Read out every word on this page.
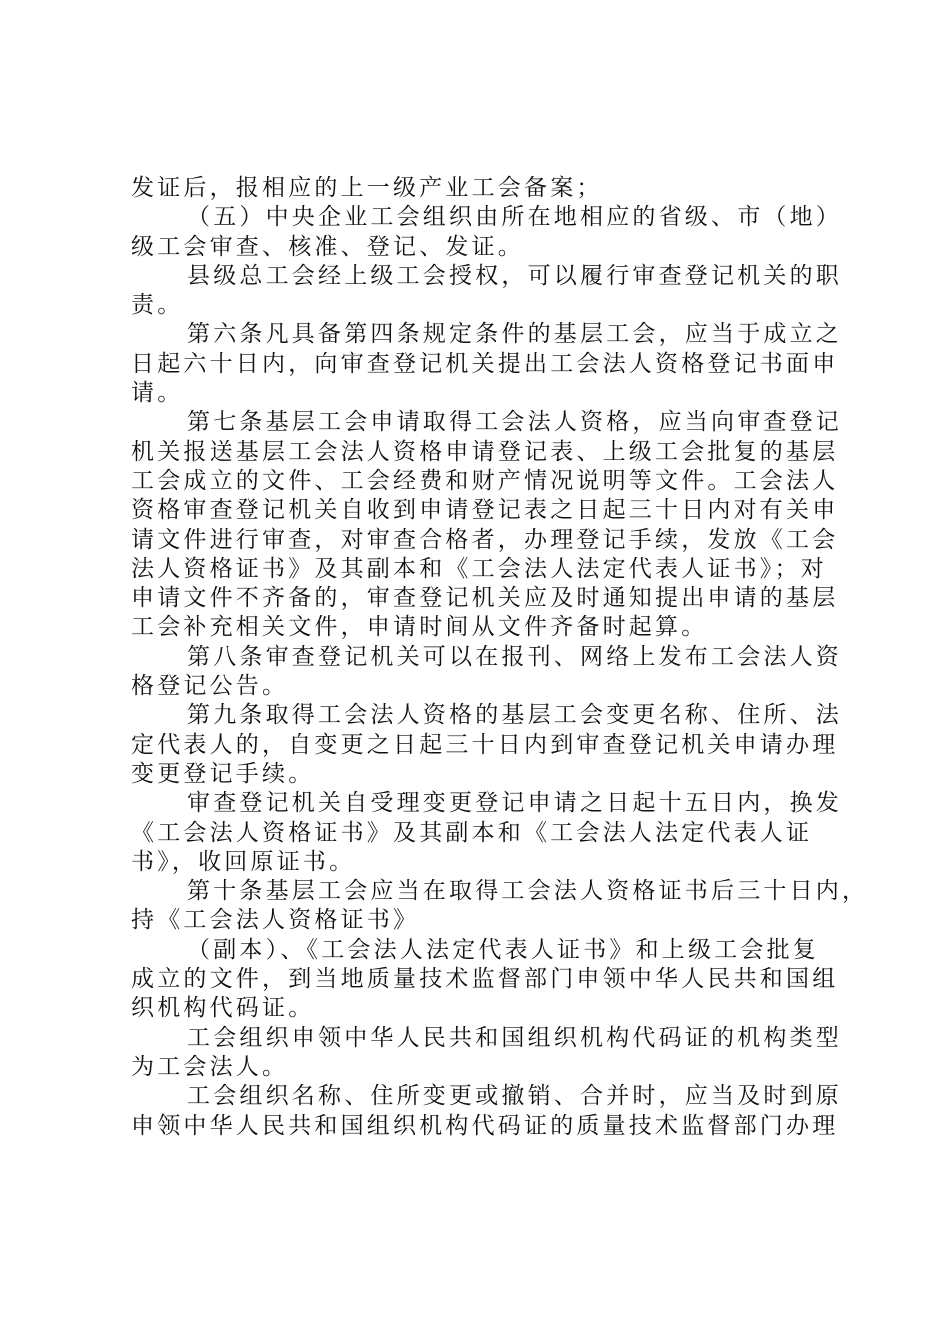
发证后，报相应的上一级产业工会备案；
（五）中央企业工会组织由所在地相应的省级、市（地）
级工会审查、核准、登记、发证。
县级总工会经上级工会授权，可以履行审查登记机关的职
责。
第六条凡具备第四条规定条件的基层工会，应当于成立之
日起六十日内，向审查登记机关提出工会法人资格登记书面申
请。
第七条基层工会申请取得工会法人资格，应当向审查登记
机关报送基层工会法人资格申请登记表、上级工会批复的基层
工会成立的文件、工会经费和财产情况说明等文件。工会法人
资格审查登记机关自收到申请登记表之日起三十日内对有关申
请文件进行审查，对审查合格者，办理登记手续，发放《工会
法人资格证书》及其副本和《工会法人法定代表人证书》；对
申请文件不齐备的，审查登记机关应及时通知提出申请的基层
工会补充相关文件，申请时间从文件齐备时起算。
第八条审查登记机关可以在报刊、网络上发布工会法人资
格登记公告。
第九条取得工会法人资格的基层工会变更名称、住所、法
定代表人的，自变更之日起三十日内到审查登记机关申请办理
变更登记手续。
审查登记机关自受理变更登记申请之日起十五日内，换发
《工会法人资格证书》及其副本和《工会法人法定代表人证
书》，收回原证书。
第十条基层工会应当在取得工会法人资格证书后三十日内，
持《工会法人资格证书》
（副本）、《工会法人法定代表人证书》和上级工会批复
成立的文件，到当地质量技术监督部门申领中华人民共和国组
织机构代码证。
工会组织申领中华人民共和国组织机构代码证的机构类型
为工会法人。
工会组织名称、住所变更或撤销、合并时，应当及时到原
申领中华人民共和国组织机构代码证的质量技术监督部门办理
